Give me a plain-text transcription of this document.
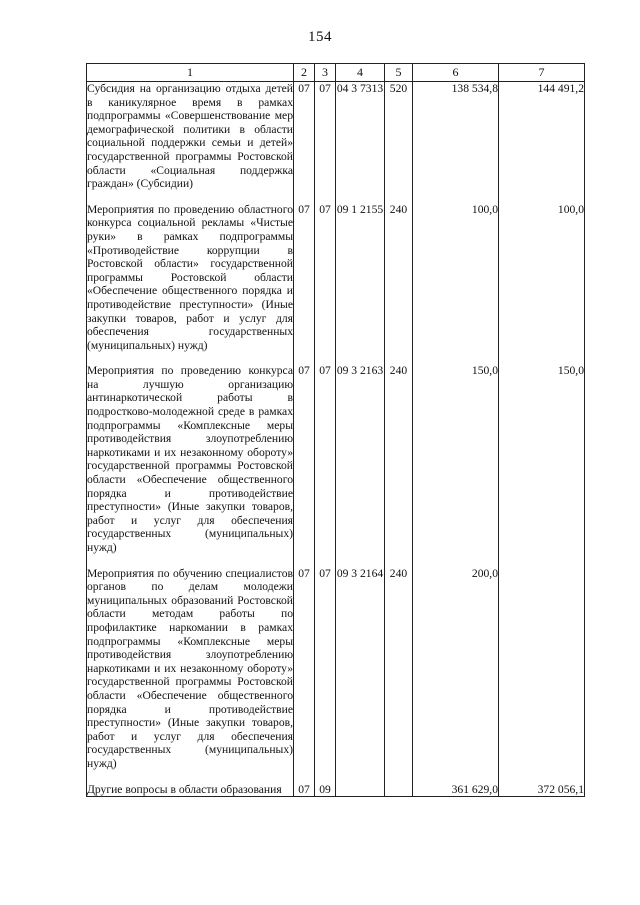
154
1	2	3	4	5	6	7
Субсидия на организацию отдыха детей в каникулярное время в рамках подпрограммы «Совершенствование мер демографической политики в области социальной поддержки семьи и детей» государственной программы Ростовской области «Социальная поддержка граждан» (Субсидии)	07	07	04 3 7313	520	138 534,8	144 491,2

Мероприятия по проведению областного конкурса социальной рекламы «Чистые руки» в рамках подпрограммы «Противодействие коррупции в Ростовской области» государственной программы Ростовской области «Обеспечение общественного порядка и противодействие преступности» (Иные закупки товаров, работ и услуг для обеспечения государственных (муниципальных) нужд)	07	07	09 1 2155	240	100,0	100,0

Мероприятия по проведению конкурса на лучшую организацию антинаркотической работы в подростково-молодежной среде в рамках подпрограммы «Комплексные меры противодействия злоупотреблению наркотиками и их незаконному обороту» государственной программы Ростовской области «Обеспечение общественного порядка и противодействие преступности» (Иные закупки товаров, работ и услуг для обеспечения государственных (муниципальных) нужд)	07	07	09 3 2163	240	150,0	150,0

Мероприятия по обучению специалистов органов по делам молодежи муниципальных образований Ростовской области методам работы по профилактике наркомании в рамках подпрограммы «Комплексные меры противодействия злоупотреблению наркотиками и их незаконному обороту» государственной программы Ростовской области «Обеспечение общественного порядка и противодействие преступности» (Иные закупки товаров, работ и услуг для обеспечения государственных (муниципальных) нужд)	07	07	09 3 2164	240	200,0	

Другие вопросы в области образования	07	09			361 629,0	372 056,1
